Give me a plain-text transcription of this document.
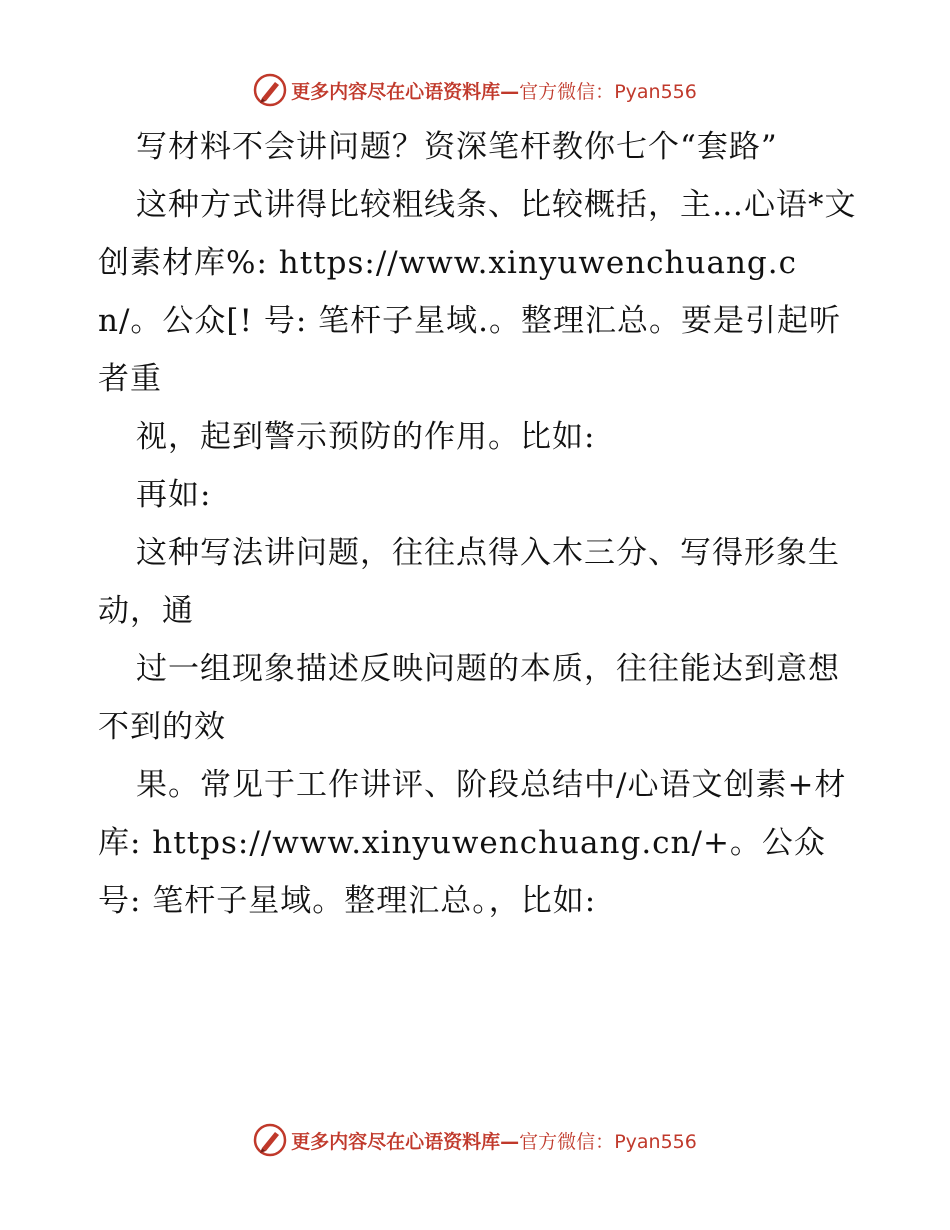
更多内容尽在心语资料库—官方微信：Pyan556

写材料不会讲问题？资深笔杆教你七个“套路”

这种方式讲得比较粗线条、比较概括，主…心语*文创素材库%: https://www.xinyuwenchuang.cn/。公众[! 号: 笔杆子星域.。整理汇总。要是引起听者重

视，起到警示预防的作用。比如:

再如:

这种写法讲问题，往往点得入木三分、写得形象生动，通

过一组现象描述反映问题的本质，往往能达到意想不到的效

果。常见于工作讲评、阶段总结中/心语文创素+材库: https://www.xinyuwenchuang.cn/+。公众号: 笔杆子星域。整理汇总。，比如:

更多内容尽在心语资料库—官方微信：Pyan556
